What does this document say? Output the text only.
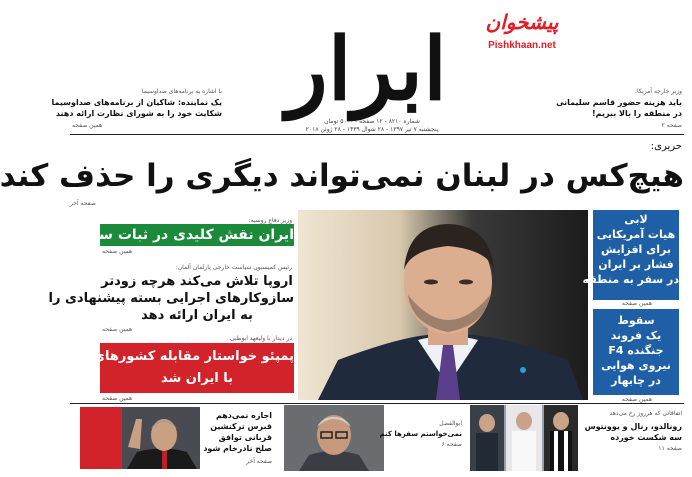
ابرار
شماره ۸۲۱۰ - ۱۲ صفحه - ۵۰۰۰ تومان
پنجشنبه ۷ تیر ۱۳۹۷ - ۲۸ شوال ۱۴۳۹ - ۲۸ ژوئن ۲۰۱۸
پیشخوان
Pishkhaan.net
با اشاره به برنامه‌های صداوسیما
یک نماینده: شاکیان از برنامه‌های صداوسیما
شکایت خود را به شورای نظارت ارائه دهند
همین صفحه
وزیر خارجه آمریکا:
باید هزینه حضور قاسم سلیمانی
در منطقه را بالا ببریم!
صفحه ۲
حریری:
هیچ‌کس در لبنان نمی‌تواند دیگری را حذف کند
صفحه آخر
وزیر دفاع روسیه:
ایران نقش کلیدی در ثبات سوریه دارد
همین صفحه
رئیس کمیسیون سیاست خارجی پارلمان آلمان:
اروپا تلاش می‌کند هرچه زودتر
سازوکارهای اجرایی بسته پیشنهادی را
به ایران ارائه دهد
همین صفحه
در دیدار با ولیعهد ابوظبی
پمپئو خواستار مقابله کشورهای عربی
با ایران شد
همین صفحه
لابی
هیات آمریکایی
برای افزایش
فشار بر ایران
در سفر به منطقه
همین صفحه
سقوط
یک فروند
جنگنده F4
نیروی هوایی
در چابهار
همین صفحه
اجازه نمی‌دهم
قبرس ترکنشین
قربانی توافق
صلح نادرخام شود
صفحه آخر
ابوالفضل
نمی‌خواستم سفرها کنم
صفحه ۶
اتفاقاتی که هرروز رخ می‌دهد
رونالدو، رنال و یوونتوس
سه شکست خورده
صفحه ۱۱
